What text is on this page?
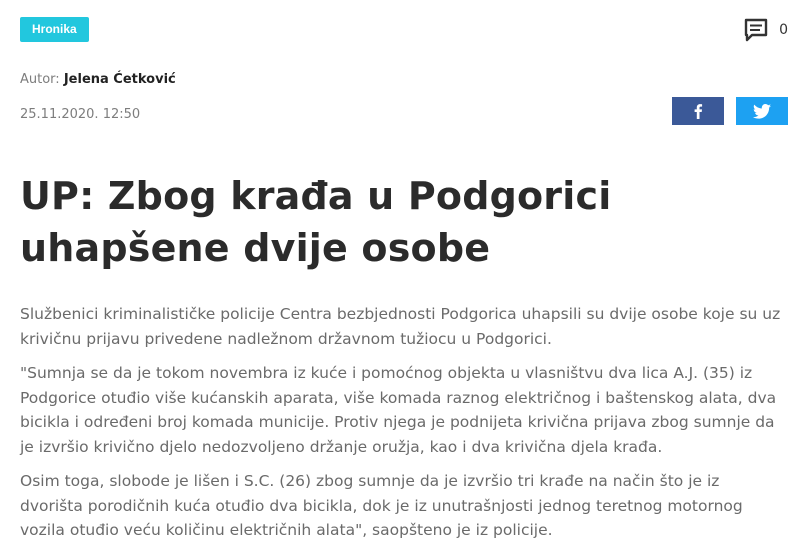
Hronika	0
Autor: Jelena Ćetković
25.11.2020. 12:50
UP: Zbog krađa u Podgorici uhapšene dvije osobe

Službenici kriminalističke policije Centra bezbjednosti Podgorica uhapsili su dvije osobe koje su uz krivičnu prijavu privedene nadležnom državnom tužiocu u Podgorici.

"Sumnja se da je tokom novembra iz kuće i pomoćnog objekta u vlasništvu dva lica A.J. (35) iz Podgorice otuđio više kućanskih aparata, više komada raznog električnog i baštenskog alata, dva bicikla i određeni broj komada municije. Protiv njega je podnijeta krivična prijava zbog sumnje da je izvršio krivično djelo nedozvoljeno držanje oružja, kao i dva krivična djela krađa.

Osim toga, slobode je lišen i S.C. (26) zbog sumnje da je izvršio tri krađe na način što je iz dvorišta porodičnih kuća otuđio dva bicikla, dok je iz unutrašnjosti jednog teretnog motornog vozila otuđio veću količinu električnih alata", saopšteno je iz policije.
